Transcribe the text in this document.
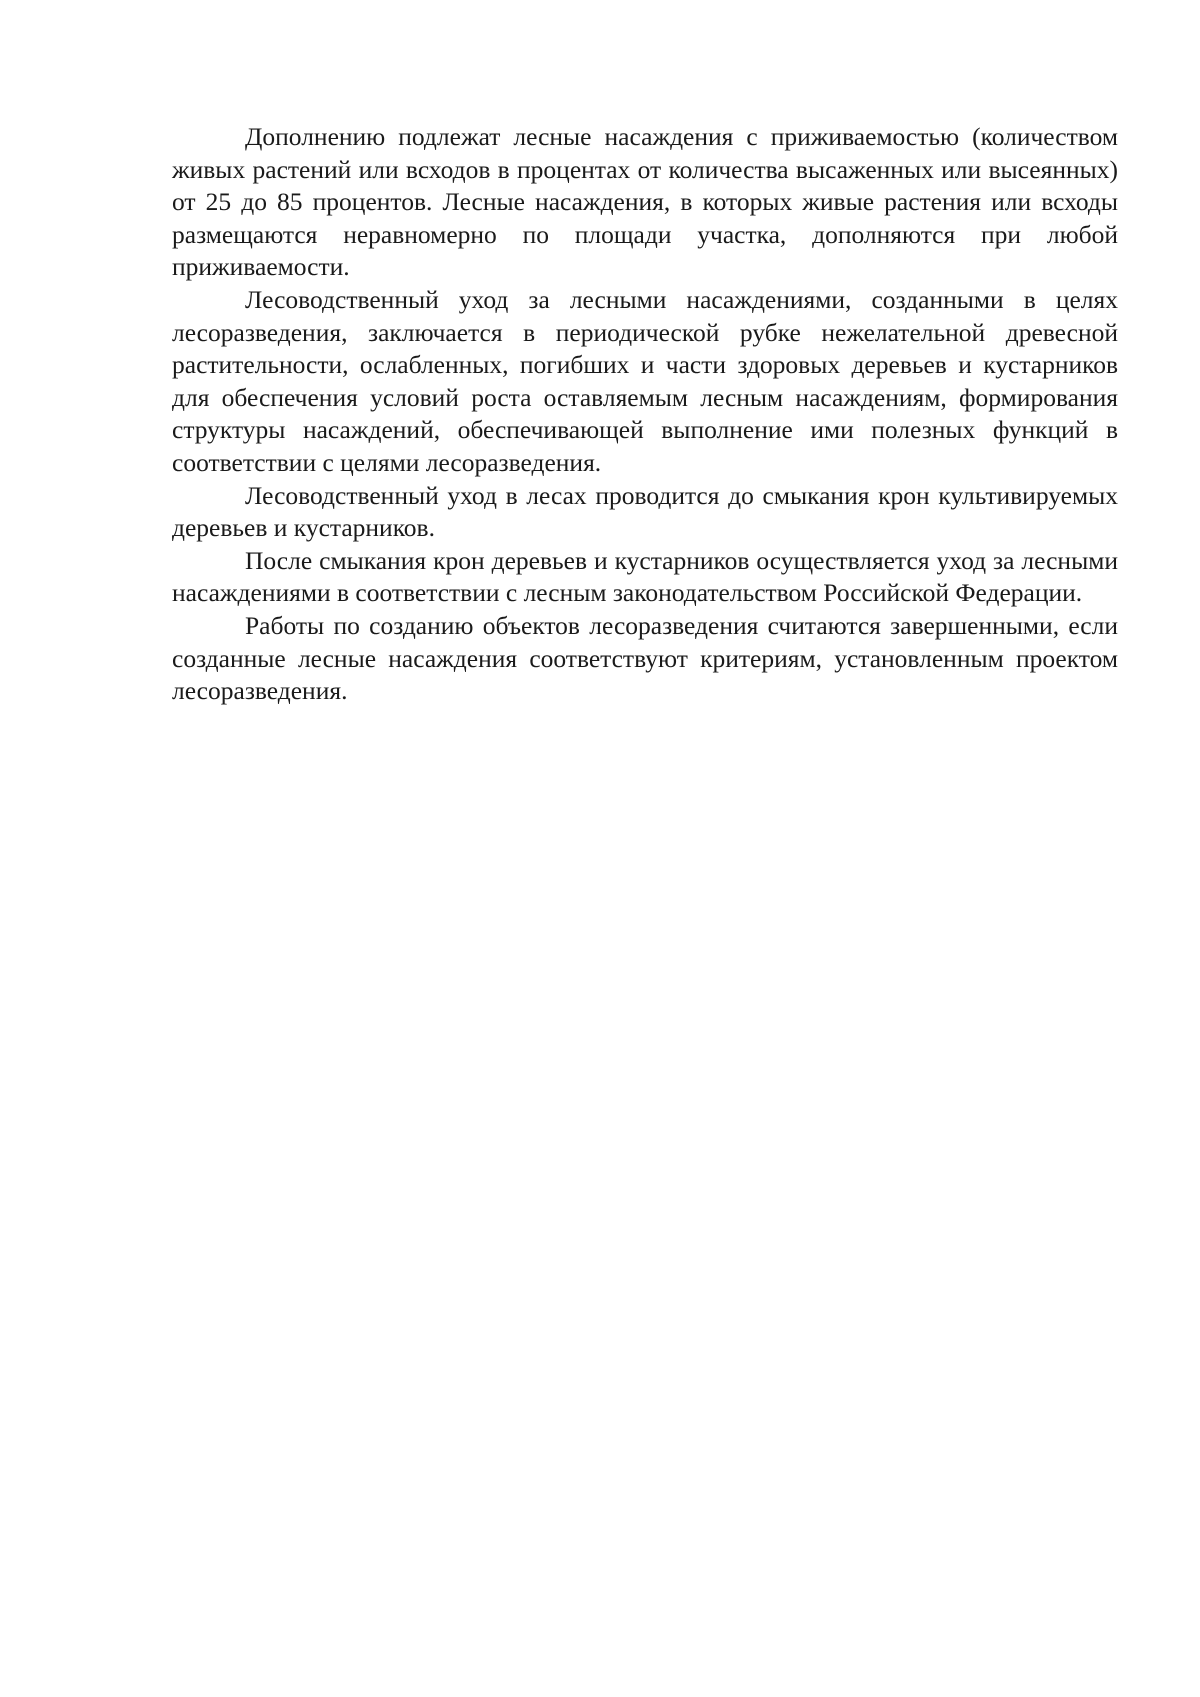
Дополнению подлежат лесные насаждения с приживаемостью (количеством живых растений или всходов в процентах от количества высаженных или высеянных) от 25 до 85 процентов. Лесные насаждения, в которых живые растения или всходы размещаются неравномерно по площади участка, дополняются при любой приживаемости.

Лесоводственный уход за лесными насаждениями, созданными в целях лесоразведения, заключается в периодической рубке нежелательной древесной растительности, ослабленных, погибших и части здоровых деревьев и кустарников для обеспечения условий роста оставляемым лесным насаждениям, формирования структуры насаждений, обеспечивающей выполнение ими полезных функций в соответствии с целями лесоразведения.

Лесоводственный уход в лесах проводится до смыкания крон культивируемых деревьев и кустарников.

После смыкания крон деревьев и кустарников осуществляется уход за лесными насаждениями в соответствии с лесным законодательством Российской Федерации.

Работы по созданию объектов лесоразведения считаются завершенными, если созданные лесные насаждения соответствуют критериям, установленным проектом лесоразведения.
